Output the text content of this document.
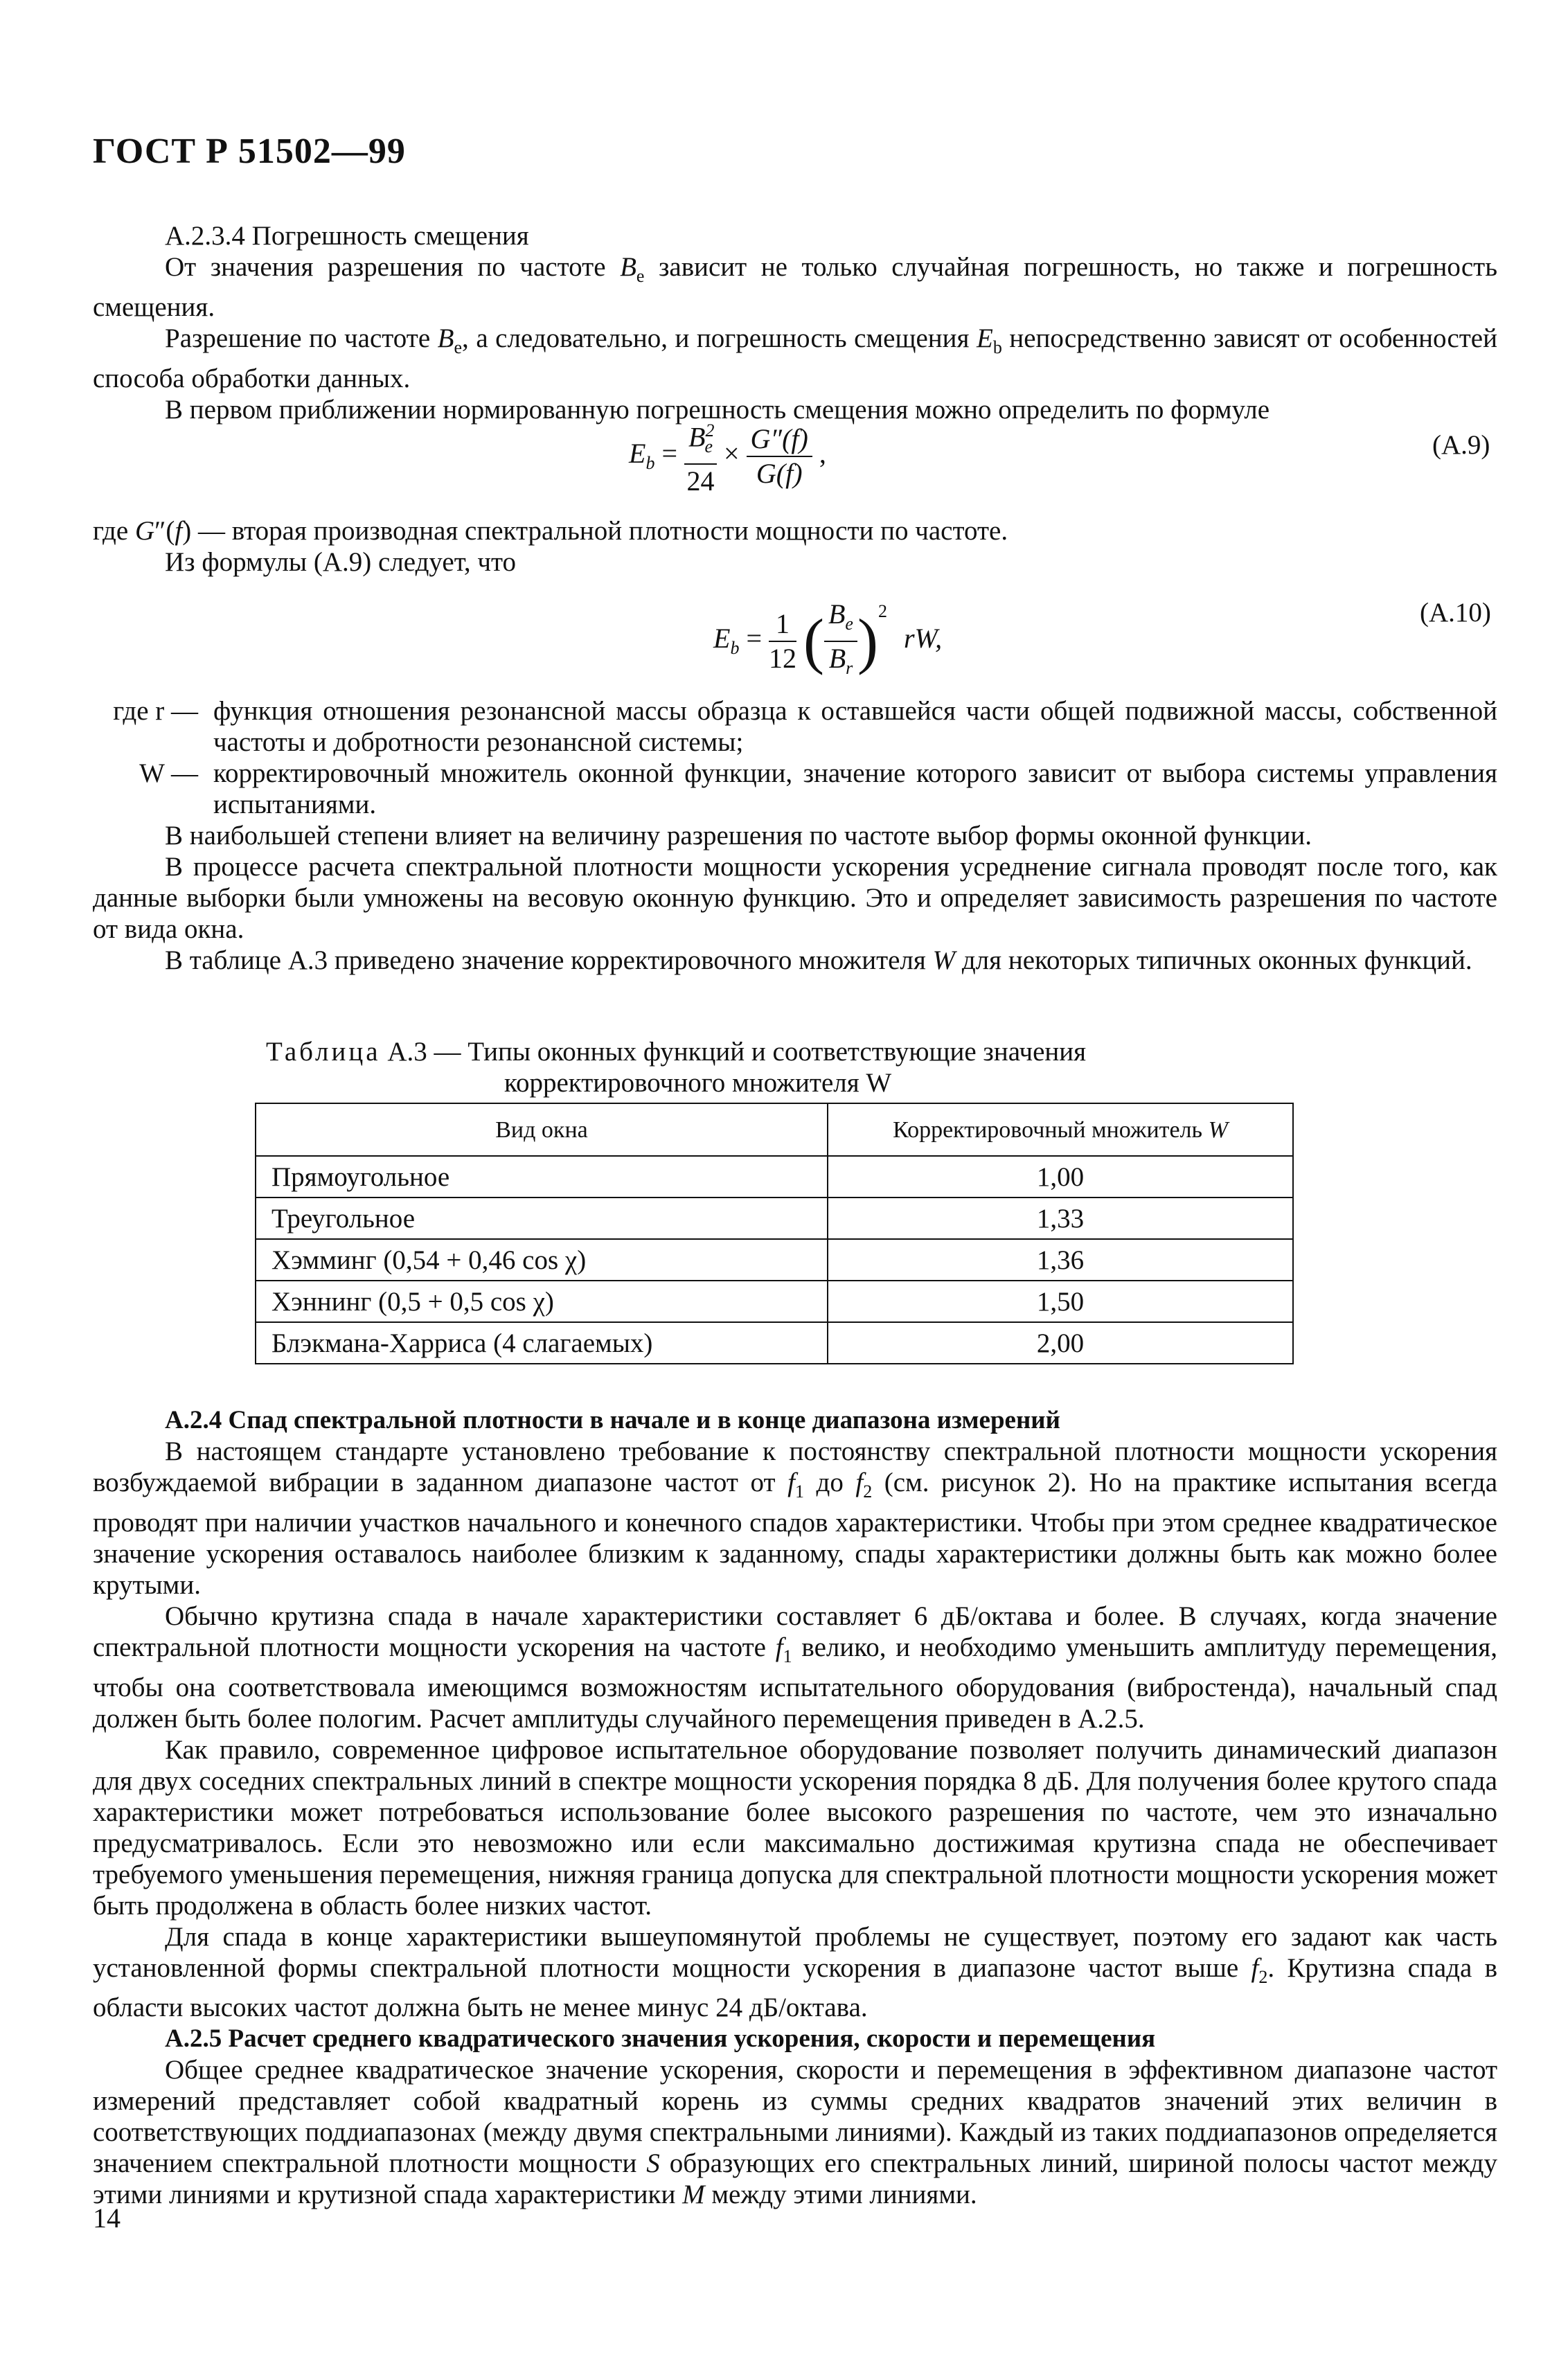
ГОСТ Р 51502—99

А.2.3.4 Погрешность смещения

От значения разрешения по частоте $B_e$ зависит не только случайная погрешность, но также и погрешность смещения.

Разрешение по частоте $B_e$, а следовательно, и погрешность смещения $E_b$ непосредственно зависят от особенностей способа обработки данных.

В первом приближении нормированную погрешность смещения можно определить по формуле

$E_b = \frac{B^2_e}{24} \times \frac{G''(f)}{G(f)}$ ,	(А.9)

где G″(f) — вторая производная спектральной плотности мощности по частоте.

Из формулы (А.9) следует, что

$E_b = \frac{1}{12}$ ( $\frac{B_e}{B_r} )^2$ rW,
(А.10)
где r — функция отношения резонансной массы образца к оставшейся части общей подвижной массы, собственной частоты и добротности резонансной системы;
W — корректировочный множитель оконной функции, значение которого зависит от выбора системы управления испытаниями.

В наибольшей степени влияет на величину разрешения по частоте выбор формы оконной функции.

В процессе расчета спектральной плотности мощности ускорения усреднение сигнала проводят после того, как данные выборки были умножены на весовую оконную функцию. Это и определяет зависимость разрешения по частоте от вида окна.

В таблице А.3 приведено значение корректировочного множителя W для некоторых типичных оконных функций.

Таблица А.3 — Типы оконных функций и соответствующие значения
корректировочного множителя W
Вид окна	Корректировочный множитель W
Прямоугольное	1,00
Треугольное	1,33
Хэмминг (0,54 + 0,46 cos χ)	1,36
Хэннинг (0,5 + 0,5 cos χ)	1,50
Блэкмана-Харриса (4 слагаемых)	2,00

А.2.4 Спад спектральной плотности в начале и в конце диапазона измерений

В настоящем стандарте установлено требование к постоянству спектральной плотности мощности ускорения возбуждаемой вибрации в заданном диапазоне частот от $f_1$ до $f_2$ (см. рисунок 2). Но на практике испытания всегда проводят при наличии участков начального и конечного спадов характеристики. Чтобы при этом среднее квадратическое значение ускорения оставалось наиболее близким к заданному, спады характеристики должны быть как можно более крутыми.

Обычно крутизна спада в начале характеристики составляет 6 дБ/октава и более. В случаях, когда значение спектральной плотности мощности ускорения на частоте $f_1$ велико, и необходимо уменьшить амплитуду перемещения, чтобы она соответствовала имеющимся возможностям испытательного оборудования (вибростенда), начальный спад должен быть более пологим. Расчет амплитуды случайного перемещения приведен в А.2.5.

Как правило, современное цифровое испытательное оборудование позволяет получить динамический диапазон для двух соседних спектральных линий в спектре мощности ускорения порядка 8 дБ. Для получения более крутого спада характеристики может потребоваться использование более высокого разрешения по частоте, чем это изначально предусматривалось. Если это невозможно или если максимально достижимая крутизна спада не обеспечивает требуемого уменьшения перемещения, нижняя граница допуска для спектральной плотности мощности ускорения может быть продолжена в область более низких частот.

Для спада в конце характеристики вышеупомянутой проблемы не существует, поэтому его задают как часть установленной формы спектральной плотности мощности ускорения в диапазоне частот выше $f_2$. Крутизна спада в области высоких частот должна быть не менее минус 24 дБ/октава.

А.2.5 Расчет среднего квадратического значения ускорения, скорости и перемещения

Общее среднее квадратическое значение ускорения, скорости и перемещения в эффективном диапазоне частот измерений представляет собой квадратный корень из суммы средних квадратов значений этих величин в соответствующих поддиапазонах (между двумя спектральными линиями). Каждый из таких поддиапазонов определяется значением спектральной плотности мощности S образующих его спектральных линий, шириной полосы частот между этими линиями и крутизной спада характеристики M между этими линиями.

14
